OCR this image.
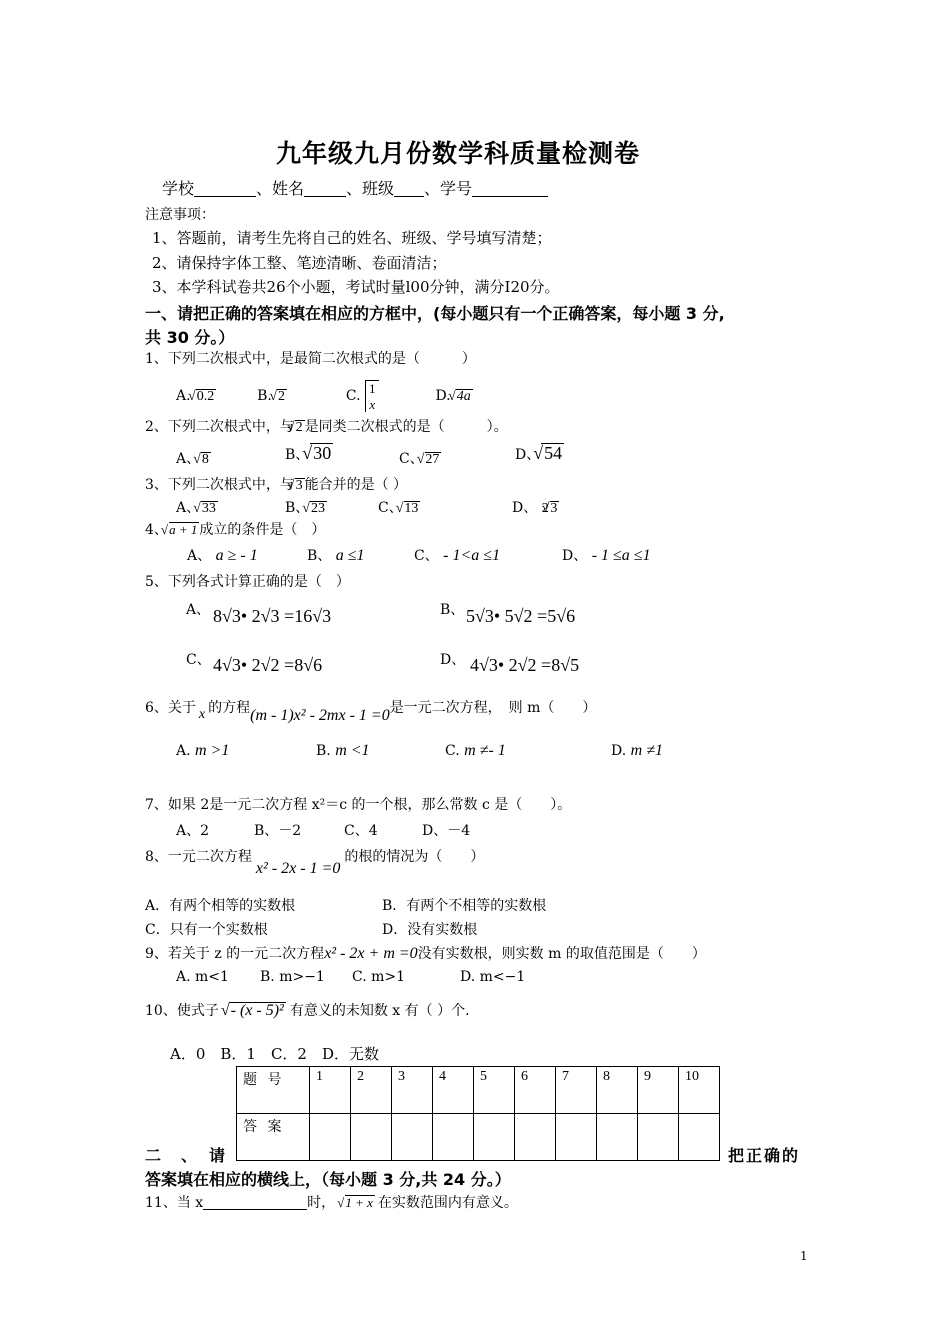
九年级九月份数学科质量检测卷
学校	、姓名	、班级 、学号
注意事项：
1、答题前，请考生先将自己的姓名、班级、学号填写清楚；
2、请保持字体工整、笔迹清晰、卷面清洁；
3、本学科试卷共26个小题，考试时量l00分钟，满分I20分。
一、请把正确的答案填在相应的方框中，(每小题只有一个正确答案，每小题 3 分,
共 30 分。）
1、下列二次根式中，是最简二次根式的是（　　　）
A. √ 0.2	B. √ 2	C. 1
x	D. √ 4a
2、下列二次根式中，与 √ 2 是同类二次根式的是（　　　）。
A、 √ 8	B、 √ 30	C、 √ 27	D、 √ 54
3、下列二次根式中，与 √ 3 能合并的是（ ）
A、 √ 33	B、 √ 23	C、 √ 13	D、 2 √ 3
4、√ a + 1 成立的条件是（　）
A、 a ≥ - 1	B、 a ≤1	C、 - 1<a ≤1	D、 - 1 ≤a ≤1
5、下列各式计算正确的是（　）
A、 8√3• 2√3 =16√3	B、 5√3• 5√2 =5√6
C、 4√3• 2√2 =8√6	D、 4√3• 2√2 =8√5
6、关于 x 的方程(m - 1)x² - 2mx - 1 =0是一元二次方程，　则 m（　　）
A. m >1	B. m <1	C. m ≠- 1	D. m ≠1
7、如果 2是一元二次方程 x²＝c 的一个根，那么常数 c 是（　　）。
A、2	B、－2	C、4	D、－4
8、一元二次方程x² - 2x - 1 =0的根的情况为（　　）
A．有两个相等的实数根	B．有两个不相等的实数根
C．只有一个实数根	D．没有实数根
9、若关于 z 的一元二次方程x² - 2x + m =0没有实数根，则实数 m 的取值范围是（　　）
A. m<1 B. m>−1 C. m>1	D. m<−1
10、使式子 √ - (x - 5)² 有意义的未知数 x 有（ ）个.
A．0　B．1　C．2　D．无数
题 号	1	2	3	4	5	6	7	8	9	10
答 案										
二　、　请	把正确的
答案填在相应的横线上，（每小题 3 分,共 24 分。）
11、当 x	时， √ 1 + x 在实数范围内有意义。
1
